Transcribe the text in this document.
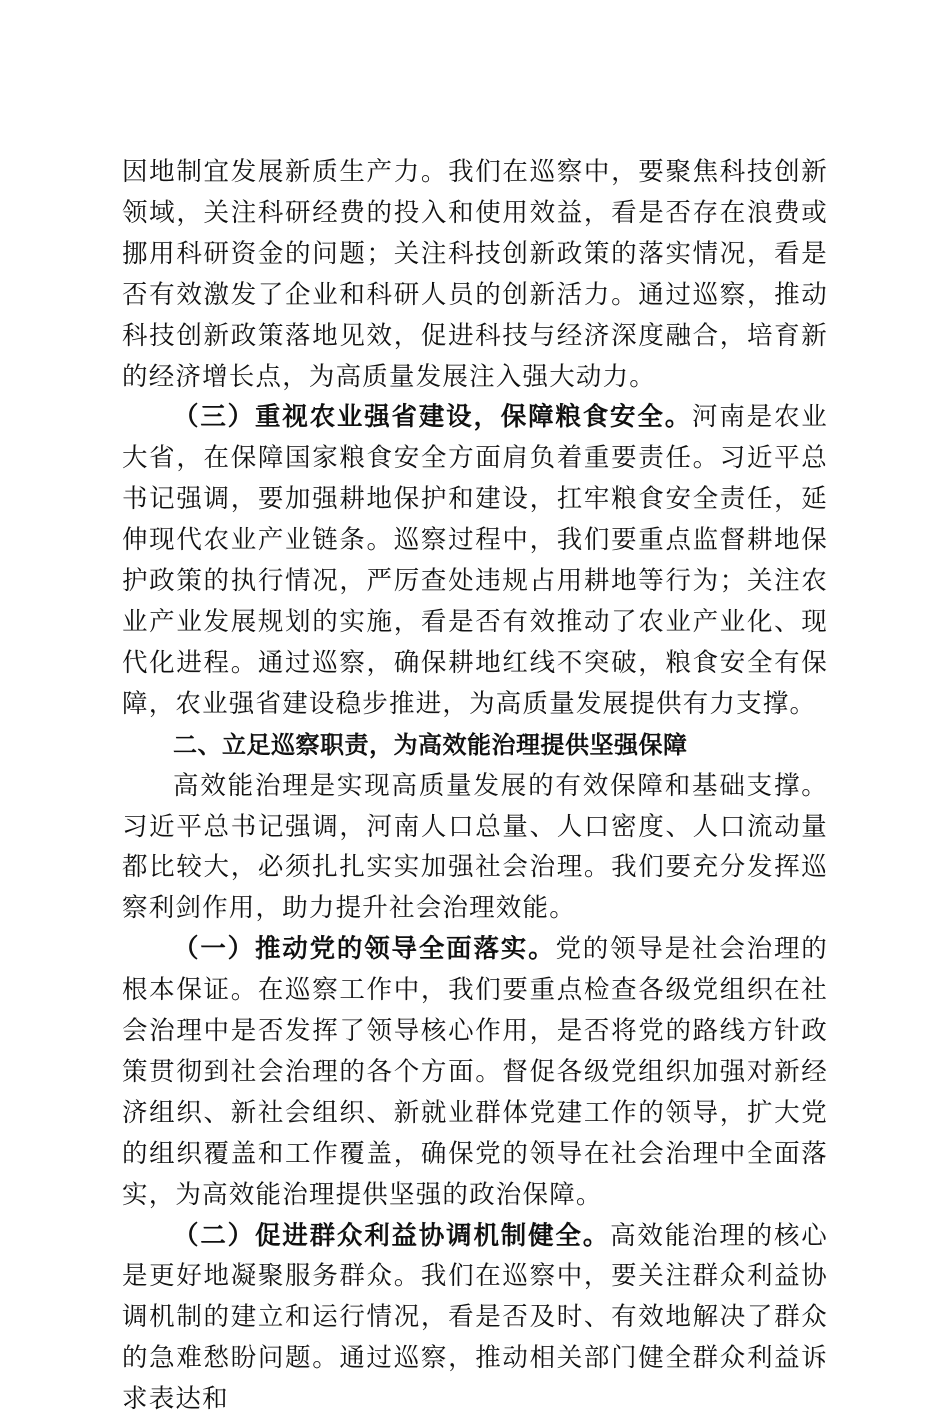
因地制宜发展新质生产力。我们在巡察中，要聚焦科技创新领域，关注科研经费的投入和使用效益，看是否存在浪费或挪用科研资金的问题；关注科技创新政策的落实情况，看是否有效激发了企业和科研人员的创新活力。通过巡察，推动科技创新政策落地见效，促进科技与经济深度融合，培育新的经济增长点，为高质量发展注入强大动力。

（三）重视农业强省建设，保障粮食安全。河南是农业大省，在保障国家粮食安全方面肩负着重要责任。习近平总书记强调，要加强耕地保护和建设，扛牢粮食安全责任，延伸现代农业产业链条。巡察过程中，我们要重点监督耕地保护政策的执行情况，严厉查处违规占用耕地等行为；关注农业产业发展规划的实施，看是否有效推动了农业产业化、现代化进程。通过巡察，确保耕地红线不突破，粮食安全有保障，农业强省建设稳步推进，为高质量发展提供有力支撑。

二、立足巡察职责，为高效能治理提供坚强保障

高效能治理是实现高质量发展的有效保障和基础支撑。习近平总书记强调，河南人口总量、人口密度、人口流动量都比较大，必须扎扎实实加强社会治理。我们要充分发挥巡察利剑作用，助力提升社会治理效能。

（一）推动党的领导全面落实。党的领导是社会治理的根本保证。在巡察工作中，我们要重点检查各级党组织在社会治理中是否发挥了领导核心作用，是否将党的路线方针政策贯彻到社会治理的各个方面。督促各级党组织加强对新经济组织、新社会组织、新就业群体党建工作的领导，扩大党的组织覆盖和工作覆盖，确保党的领导在社会治理中全面落实，为高效能治理提供坚强的政治保障。

（二）促进群众利益协调机制健全。高效能治理的核心是更好地凝聚服务群众。我们在巡察中，要关注群众利益协调机制的建立和运行情况，看是否及时、有效地解决了群众的急难愁盼问题。通过巡察，推动相关部门健全群众利益诉求表达和
